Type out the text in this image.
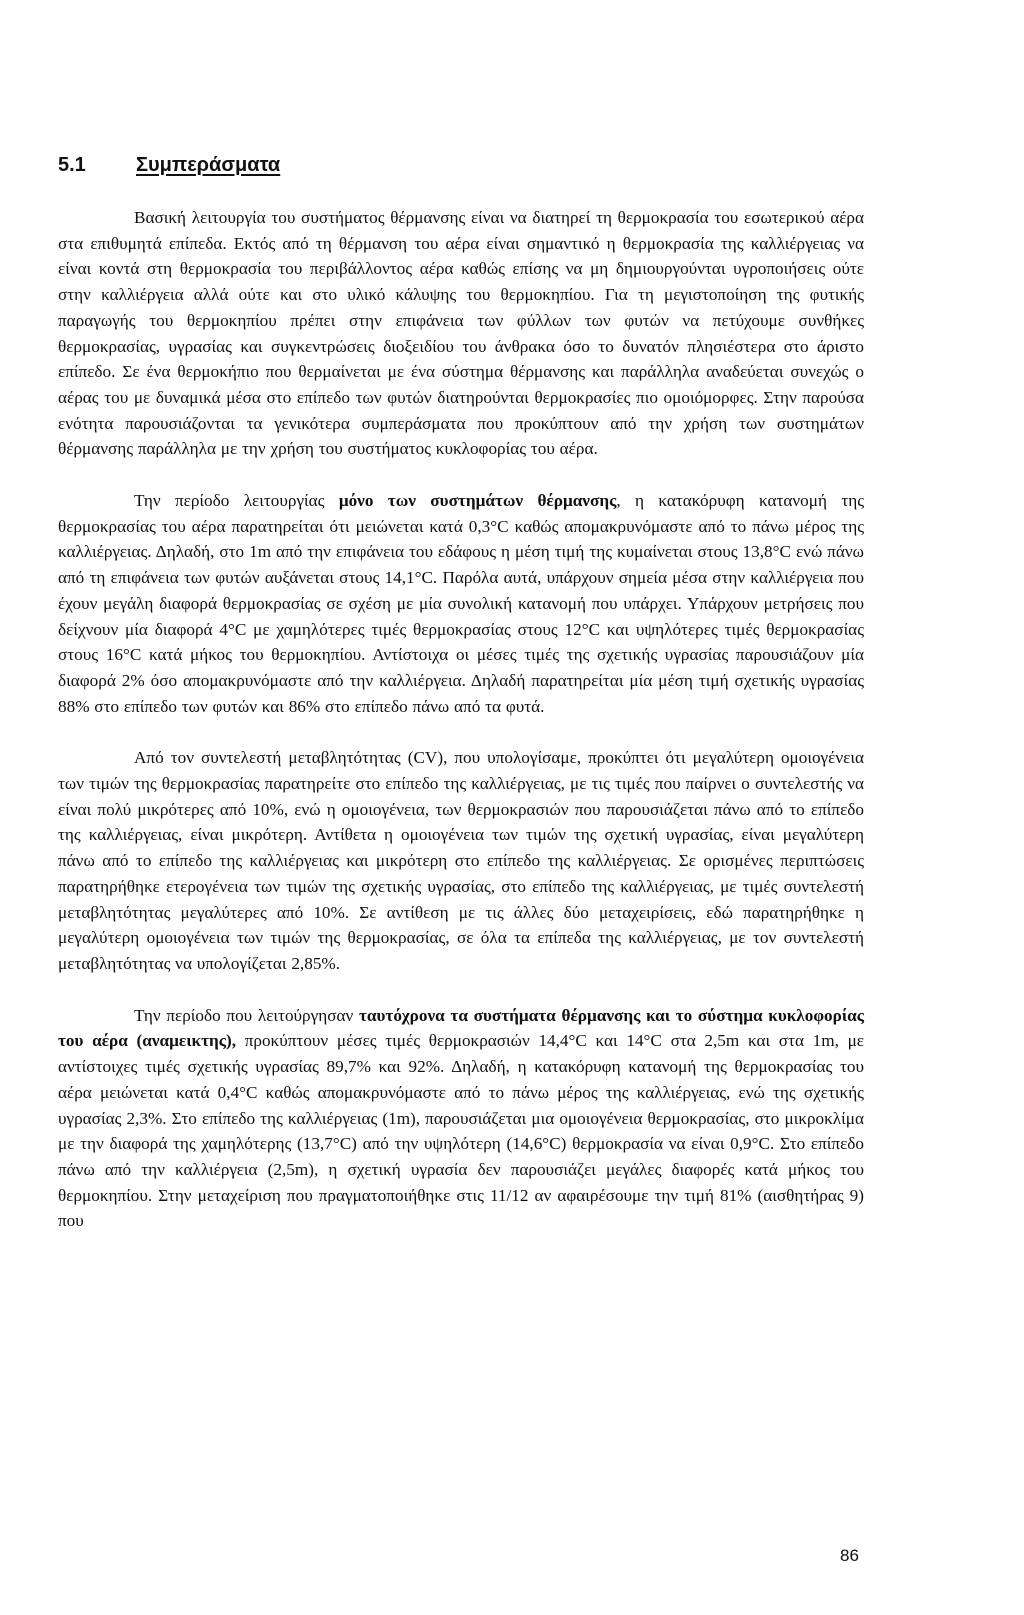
5.1	Συμπεράσματα

Βασική λειτουργία του συστήματος θέρμανσης είναι να διατηρεί τη θερμοκρασία του εσωτερικού αέρα στα επιθυμητά επίπεδα. Εκτός από τη θέρμανση του αέρα είναι σημαντικό η θερμοκρασία της καλλιέργειας να είναι κοντά στη θερμοκρασία του περιβάλλοντος αέρα καθώς επίσης να μη δημιουργούνται υγροποιήσεις ούτε στην καλλιέργεια αλλά ούτε και στο υλικό κάλυψης του θερμοκηπίου. Για τη μεγιστοποίηση της φυτικής παραγωγής του θερμοκηπίου πρέπει στην επιφάνεια των φύλλων των φυτών να πετύχουμε συνθήκες θερμοκρασίας, υγρασίας και συγκεντρώσεις διοξειδίου του άνθρακα όσο το δυνατόν πλησιέστερα στο άριστο επίπεδο. Σε ένα θερμοκήπιο που θερμαίνεται με ένα σύστημα θέρμανσης και παράλληλα αναδεύεται συνεχώς ο αέρας του με δυναμικά μέσα στο επίπεδο των φυτών διατηρούνται θερμοκρασίες πιο ομοιόμορφες. Στην παρούσα ενότητα παρουσιάζονται τα γενικότερα συμπεράσματα που προκύπτουν από την χρήση των συστημάτων θέρμανσης παράλληλα με την χρήση του συστήματος κυκλοφορίας του αέρα.

Την περίοδο λειτουργίας μόνο των συστημάτων θέρμανσης, η κατακόρυφη κατανομή της θερμοκρασίας του αέρα παρατηρείται ότι μειώνεται κατά 0,3°C καθώς απομακρυνόμαστε από το πάνω μέρος της καλλιέργειας. Δηλαδή, στο 1m από την επιφάνεια του εδάφους η μέση τιμή της κυμαίνεται στους 13,8°C ενώ πάνω από τη επιφάνεια των φυτών αυξάνεται στους 14,1°C. Παρόλα αυτά, υπάρχουν σημεία μέσα στην καλλιέργεια που έχουν μεγάλη διαφορά θερμοκρασίας σε σχέση με μία συνολική κατανομή που υπάρχει. Υπάρχουν μετρήσεις που δείχνουν μία διαφορά 4°C με χαμηλότερες τιμές θερμοκρασίας στους 12°C και υψηλότερες τιμές θερμοκρασίας στους 16°C κατά μήκος του θερμοκηπίου. Αντίστοιχα οι μέσες τιμές της σχετικής υγρασίας παρουσιάζουν μία διαφορά 2% όσο απομακρυνόμαστε από την καλλιέργεια. Δηλαδή παρατηρείται μία μέση τιμή σχετικής υγρασίας 88% στο επίπεδο των φυτών και 86% στο επίπεδο πάνω από τα φυτά.

Από τον συντελεστή μεταβλητότητας (CV), που υπολογίσαμε, προκύπτει ότι μεγαλύτερη ομοιογένεια των τιμών της θερμοκρασίας παρατηρείτε στο επίπεδο της καλλιέργειας, με τις τιμές που παίρνει ο συντελεστής να είναι πολύ μικρότερες από 10%, ενώ η ομοιογένεια, των θερμοκρασιών που παρουσιάζεται πάνω από το επίπεδο της καλλιέργειας, είναι μικρότερη. Αντίθετα η ομοιογένεια των τιμών της σχετική υγρασίας, είναι μεγαλύτερη πάνω από το επίπεδο της καλλιέργειας και μικρότερη στο επίπεδο της καλλιέργειας. Σε ορισμένες περιπτώσεις παρατηρήθηκε ετερογένεια των τιμών της σχετικής υγρασίας, στο επίπεδο της καλλιέργειας, με τιμές συντελεστή μεταβλητότητας μεγαλύτερες από 10%. Σε αντίθεση με τις άλλες δύο μεταχειρίσεις, εδώ παρατηρήθηκε η μεγαλύτερη ομοιογένεια των τιμών της θερμοκρασίας, σε όλα τα επίπεδα της καλλιέργειας, με τον συντελεστή μεταβλητότητας να υπολογίζεται 2,85%.

Την περίοδο που λειτούργησαν ταυτόχρονα τα συστήματα θέρμανσης και το σύστημα κυκλοφορίας του αέρα (αναμεικτης), προκύπτουν μέσες τιμές θερμοκρασιών 14,4°C και 14°C στα 2,5m και στα 1m, με αντίστοιχες τιμές σχετικής υγρασίας 89,7% και 92%. Δηλαδή, η κατακόρυφη κατανομή της θερμοκρασίας του αέρα μειώνεται κατά 0,4°C καθώς απομακρυνόμαστε από το πάνω μέρος της καλλιέργειας, ενώ της σχετικής υγρασίας 2,3%. Στο επίπεδο της καλλιέργειας (1m), παρουσιάζεται μια ομοιογένεια θερμοκρασίας, στο μικροκλίμα με την διαφορά της χαμηλότερης (13,7°C) από την υψηλότερη (14,6°C) θερμοκρασία να είναι 0,9°C. Στο επίπεδο πάνω από την καλλιέργεια (2,5m), η σχετική υγρασία δεν παρουσιάζει μεγάλες διαφορές κατά μήκος του θερμοκηπίου. Στην μεταχείριση που πραγματοποιήθηκε στις 11/12 αν αφαιρέσουμε την τιμή 81% (αισθητήρας 9) που

86
